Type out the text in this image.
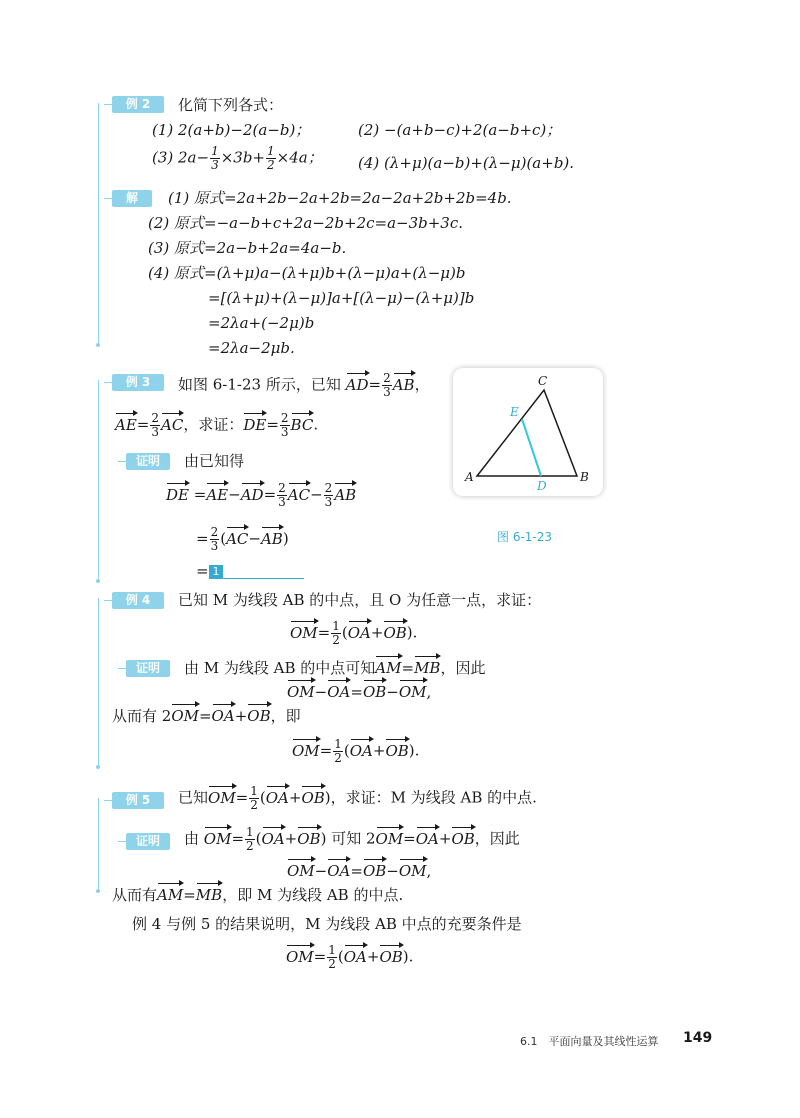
例 2	化简下列各式：
(1) 2(a+b)−2(a−b)；	(2) −(a+b−c)+2(a−b+c)；
(3) $2a- \frac{1}{3} \times 3b+ \frac{1}{2} \times 4a$； (4) (λ+μ)(a−b)+(λ−μ)(a+b).
解	(1) 原式=2a+2b−2a+2b=2a−2a+2b+2b=4b.
(2) 原式=−a−b+c+2a−2b+2c=a−3b+3c.
(3) 原式=2a−b+2a=4a−b.
(4) 原式=(λ+μ)a−(λ+μ)b+(λ−μ)a+(λ−μ)b
=[(λ+μ)+(λ−μ)]a+[(λ−μ)−(λ+μ)]b
=2λa+(−2μ)b
=2λa−2μb.
例 3	如图 6-1-23 所示，已知 $AD= \frac{2}{3}$ AB，
$AE= \frac{2}{3}$ AC，求证：$DE= \frac{2}{3}$ BC.
证明	由已知得
DE $=AE-AD= \frac{2}{3} AC- \frac{2}{3}$ AB
= $\frac{2}{3} (AC-AB)$
= 1
A	B
C
D
E
图 6-1-23
例 4	已知 M 为线段 AB 的中点，且 O 为任意一点，求证：
$OM= \frac{1}{2} (OA+OB)$.
证明	由 M 为线段 AB 的中点可知AM=MB，因此
OM−OA=OB−OM,
从而有 2OM=OA+OB，即
$OM= \frac{1}{2} (OA+OB)$.
例 5	已知$OM= \frac{1}{2} (OA+OB)$，求证：M 为线段 AB 的中点.
证明	由 $OM= \frac{1}{2} (OA+OB)$ 可知 2OM=OA+OB，因此
OM−OA=OB−OM,
从而有AM=MB，即 M 为线段 AB 的中点.
例 4 与例 5 的结果说明，M 为线段 AB 中点的充要条件是
$OM= \frac{1}{2} (OA+OB)$.
6.1　平面向量及其线性运算 149
